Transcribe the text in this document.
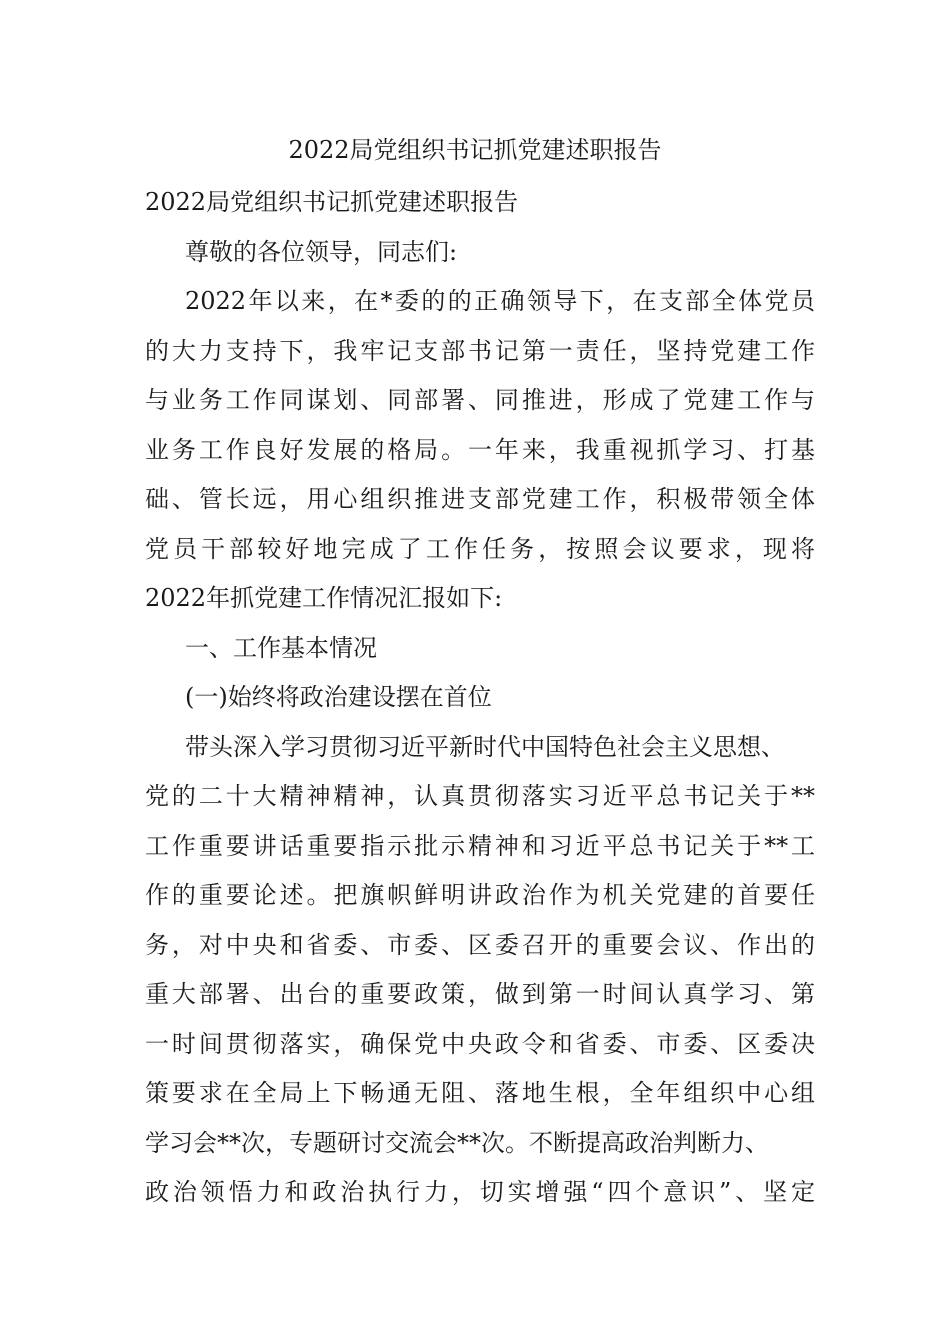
2022局党组织书记抓党建述职报告
2022局党组织书记抓党建述职报告
尊敬的各位领导，同志们:
2022年以来，在*委的的正确领导下，在支部全体党员
的大力支持下，我牢记支部书记第一责任，坚持党建工作
与业务工作同谋划、同部署、同推进，形成了党建工作与
业务工作良好发展的格局。一年来，我重视抓学习、打基
础、管长远，用心组织推进支部党建工作，积极带领全体
党员干部较好地完成了工作任务，按照会议要求，现将
2022年抓党建工作情况汇报如下:
一、工作基本情况
(一)始终将政治建设摆在首位
带头深入学习贯彻习近平新时代中国特色社会主义思想、
党的二十大精神精神，认真贯彻落实习近平总书记关于**
工作重要讲话重要指示批示精神和习近平总书记关于**工
作的重要论述。把旗帜鲜明讲政治作为机关党建的首要任
务，对中央和省委、市委、区委召开的重要会议、作出的
重大部署、出台的重要政策，做到第一时间认真学习、第
一时间贯彻落实，确保党中央政令和省委、市委、区委决
策要求在全局上下畅通无阻、落地生根，全年组织中心组
学习会**次，专题研讨交流会**次。不断提高政治判断力、
政治领悟力和政治执行力，切实增强“四个意识”、坚定
